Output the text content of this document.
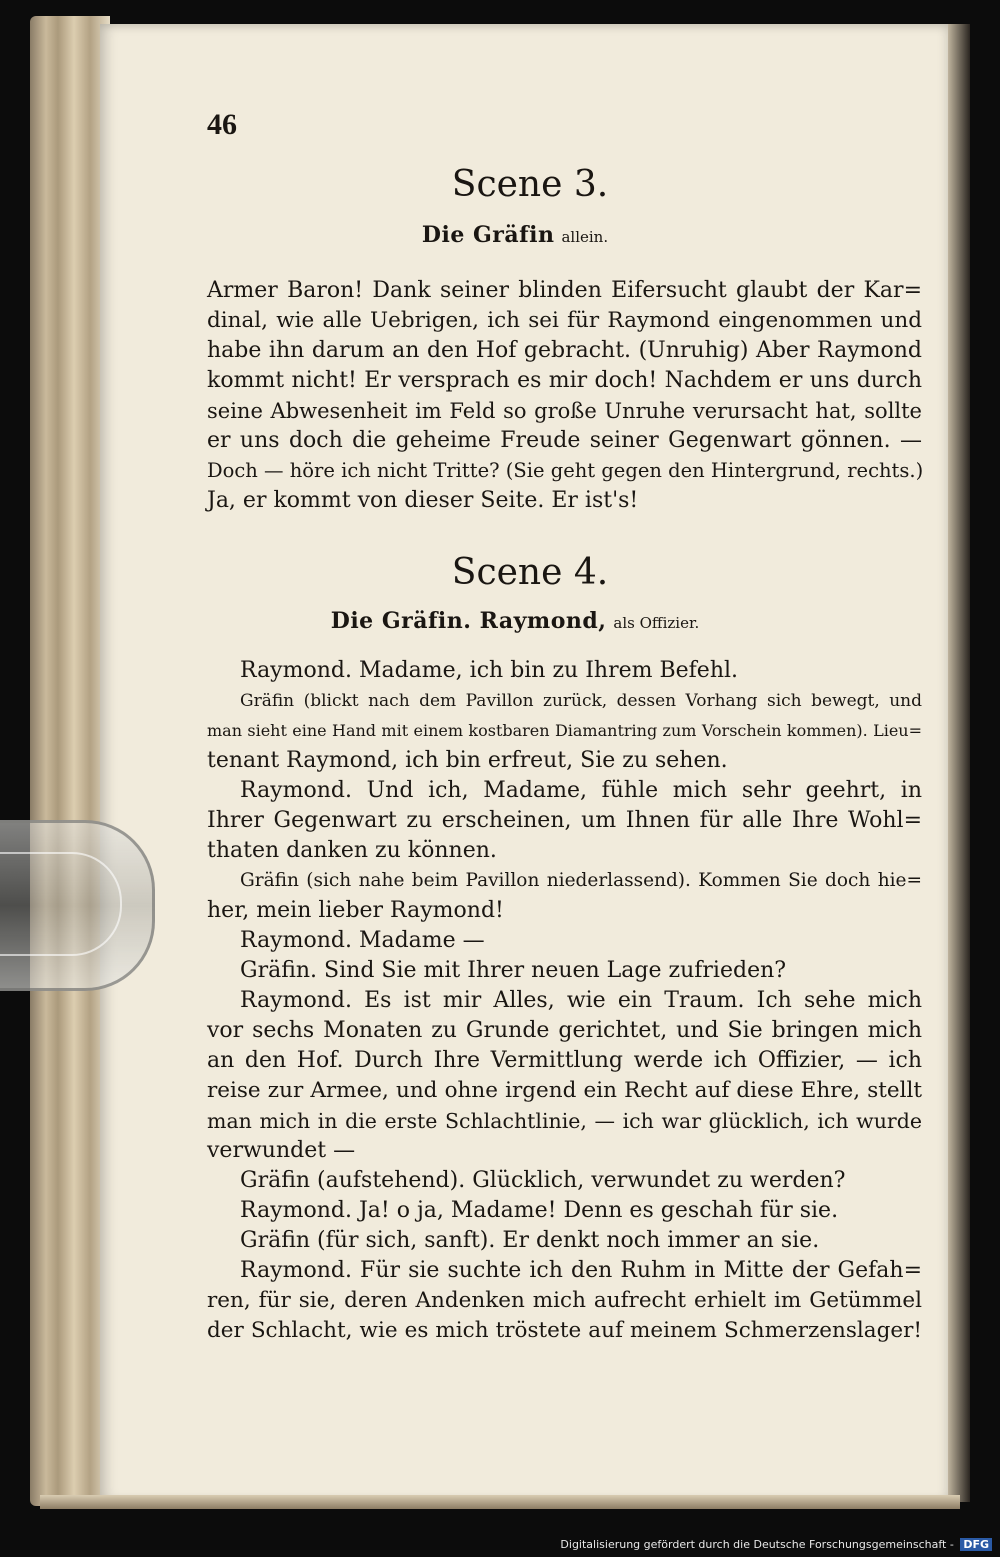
46
Scene 3.
Die Gräfin allein.
Armer Baron! Dank seiner blinden Eifersucht glaubt der Kar=
dinal, wie alle Uebrigen, ich sei für Raymond eingenommen und
habe ihn darum an den Hof gebracht. (Unruhig) Aber Raymond
kommt nicht! Er versprach es mir doch! Nachdem er uns durch
seine Abwesenheit im Feld so große Unruhe verursacht hat, sollte
er uns doch die geheime Freude seiner Gegenwart gönnen. —
Doch — höre ich nicht Tritte? (Sie geht gegen den Hintergrund, rechts.)
Ja, er kommt von dieser Seite. Er ist's!
Scene 4.
Die Gräfin. Raymond, als Offizier.
Raymond. Madame, ich bin zu Ihrem Befehl.
Gräfin (blickt nach dem Pavillon zurück, dessen Vorhang sich bewegt, und
man sieht eine Hand mit einem kostbaren Diamantring zum Vorschein kommen). Lieu=
tenant Raymond, ich bin erfreut, Sie zu sehen.
Raymond. Und ich, Madame, fühle mich sehr geehrt, in
Ihrer Gegenwart zu erscheinen, um Ihnen für alle Ihre Wohl=
thaten danken zu können.
Gräfin (sich nahe beim Pavillon niederlassend). Kommen Sie doch hie=
her, mein lieber Raymond!
Raymond. Madame —
Gräfin. Sind Sie mit Ihrer neuen Lage zufrieden?
Raymond. Es ist mir Alles, wie ein Traum. Ich sehe mich
vor sechs Monaten zu Grunde gerichtet, und Sie bringen mich
an den Hof. Durch Ihre Vermittlung werde ich Offizier, — ich
reise zur Armee, und ohne irgend ein Recht auf diese Ehre, stellt
man mich in die erste Schlachtlinie, — ich war glücklich, ich wurde
verwundet —
Gräfin (aufstehend). Glücklich, verwundet zu werden?
Raymond. Ja! o ja, Madame! Denn es geschah für sie.
Gräfin (für sich, sanft). Er denkt noch immer an sie.
Raymond. Für sie suchte ich den Ruhm in Mitte der Gefah=
ren, für sie, deren Andenken mich aufrecht erhielt im Getümmel
der Schlacht, wie es mich tröstete auf meinem Schmerzenslager!
Digitalisierung gefördert durch die Deutsche Forschungsgemeinschaft - DFG
